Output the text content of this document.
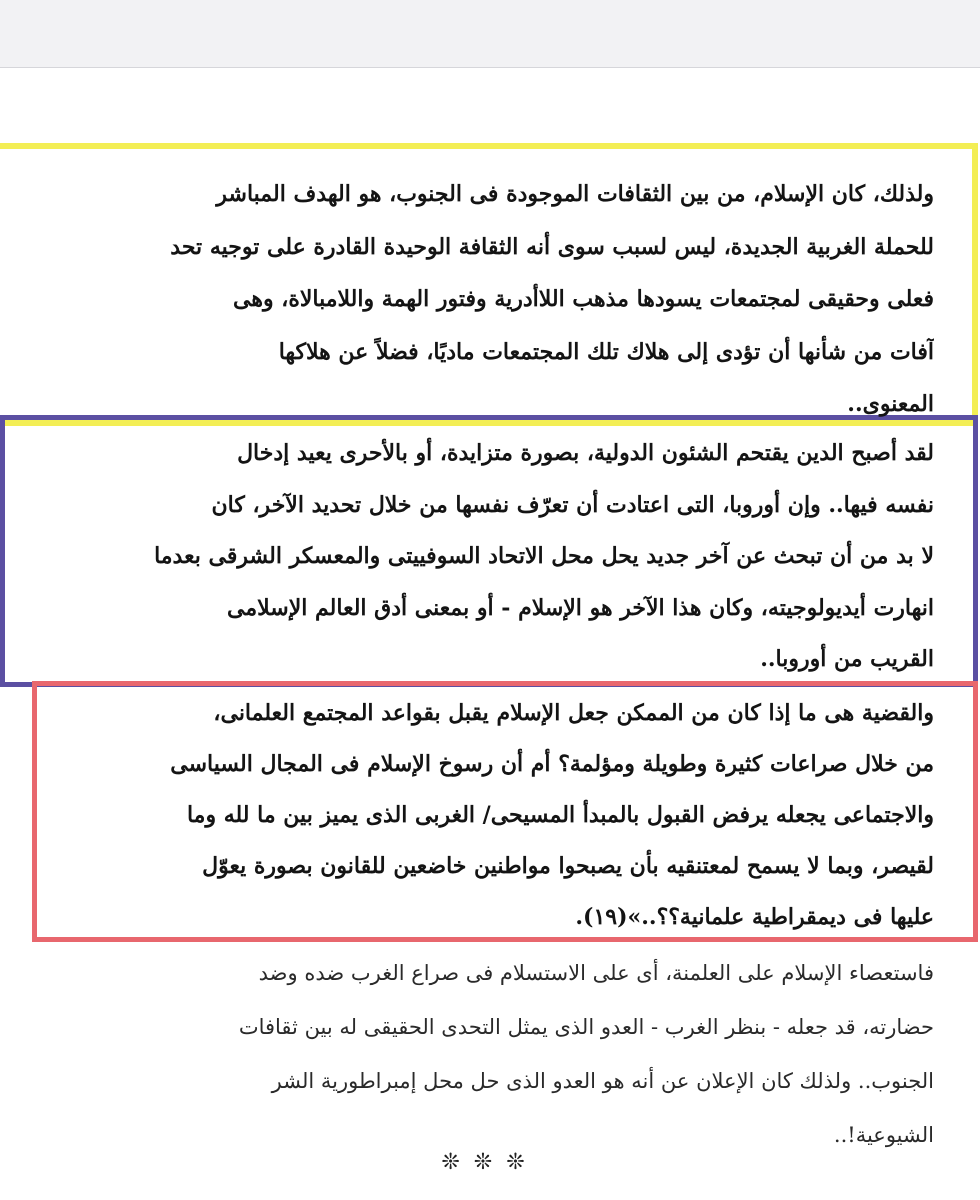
ولذلك، كان الإسلام، من بين الثقافات الموجودة فى الجنوب، هو الهدف المباشر
للحملة الغربية الجديدة، ليس لسبب سوى أنه الثقافة الوحيدة القادرة على توجيه تحد
فعلى وحقيقى لمجتمعات يسودها مذهب اللاأدرية وفتور الهمة واللامبالاة، وهى
آفات من شأنها أن تؤدى إلى هلاك تلك المجتمعات ماديًا، فضلاً عن هلاكها
المعنوى..
لقد أصبح الدين يقتحم الشئون الدولية، بصورة متزايدة، أو بالأحرى يعيد إدخال
نفسه فيها.. وإن أوروبا، التى اعتادت أن تعرّف نفسها من خلال تحديد الآخر، كان
لا بد من أن تبحث عن آخر جديد يحل محل الاتحاد السوفييتى والمعسكر الشرقى بعدما
انهارت أيديولوجيته، وكان هذا الآخر هو الإسلام - أو بمعنى أدق العالم الإسلامى
القريب من أوروبا..
والقضية هى ما إذا كان من الممكن جعل الإسلام يقبل بقواعد المجتمع العلمانى،
من خلال صراعات كثيرة وطويلة ومؤلمة؟ أم أن رسوخ الإسلام فى المجال السياسى
والاجتماعى يجعله يرفض القبول بالمبدأ المسيحى/ الغربى الذى يميز بين ما لله وما
لقيصر، وبما لا يسمح لمعتنقيه بأن يصبحوا مواطنين خاضعين للقانون بصورة يعوّل
عليها فى ديمقراطية علمانية؟؟..»(١٩).
فاستعصاء الإسلام على العلمنة، أى على الاستسلام فى صراع الغرب ضده وضد
حضارته، قد جعله - بنظر الغرب - العدو الذى يمثل التحدى الحقيقى له بين ثقافات
الجنوب.. ولذلك كان الإعلان عن أنه هو العدو الذى حل محل إمبراطورية الشر
الشيوعية!..
❊❊❊
